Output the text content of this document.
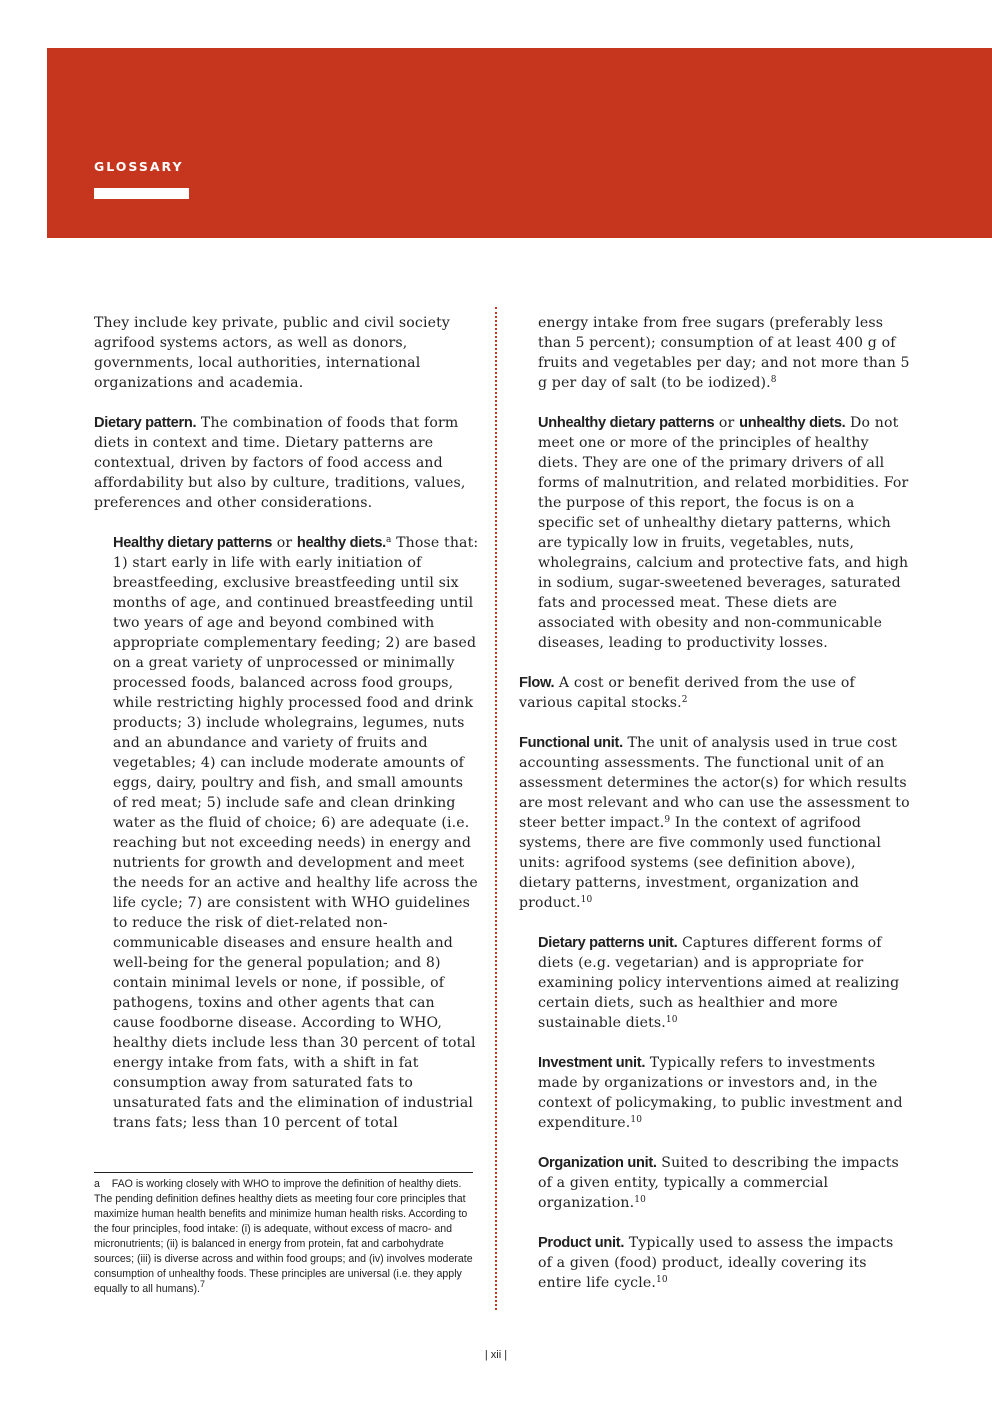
GLOSSARY

They include key private, public and civil society agrifood systems actors, as well as donors, governments, local authorities, international organizations and academia.

Dietary pattern. The combination of foods that form diets in context and time. Dietary patterns are contextual, driven by factors of food access and affordability but also by culture, traditions, values, preferences and other considerations.

Healthy dietary patterns or healthy diets.$^a$ Those that: 1) start early in life with early initiation of breastfeeding, exclusive breastfeeding until six months of age, and continued breastfeeding until two years of age and beyond combined with appropriate complementary feeding; 2) are based on a great variety of unprocessed or minimally processed foods, balanced across food groups, while restricting highly processed food and drink products; 3) include wholegrains, legumes, nuts and an abundance and variety of fruits and vegetables; 4) can include moderate amounts of eggs, dairy, poultry and fish, and small amounts of red meat; 5) include safe and clean drinking water as the fluid of choice; 6) are adequate (i.e. reaching but not exceeding needs) in energy and nutrients for growth and development and meet the needs for an active and healthy life across the life cycle; 7) are consistent with WHO guidelines to reduce the risk of diet-related non-communicable diseases and ensure health and well-being for the general population; and 8) contain minimal levels or none, if possible, of pathogens, toxins and other agents that can cause foodborne disease. According to WHO, healthy diets include less than 30 percent of total energy intake from fats, with a shift in fat consumption away from saturated fats to unsaturated fats and the elimination of industrial trans fats; less than 10 percent of total

a FAO is working closely with WHO to improve the definition of healthy diets. The pending definition defines healthy diets as meeting four core principles that maximize human health benefits and minimize human health risks. According to the four principles, food intake: (i) is adequate, without excess of macro- and micronutrients; (ii) is balanced in energy from protein, fat and carbohydrate sources; (iii) is diverse across and within food groups; and (iv) involves moderate consumption of unhealthy foods. These principles are universal (i.e. they apply equally to all humans).$^7$

energy intake from free sugars (preferably less than 5 percent); consumption of at least 400 g of fruits and vegetables per day; and not more than 5 g per day of salt (to be iodized).$^8$

Unhealthy dietary patterns or unhealthy diets. Do not meet one or more of the principles of healthy diets. They are one of the primary drivers of all forms of malnutrition, and related morbidities. For the purpose of this report, the focus is on a specific set of unhealthy dietary patterns, which are typically low in fruits, vegetables, nuts, wholegrains, calcium and protective fats, and high in sodium, sugar-sweetened beverages, saturated fats and processed meat. These diets are associated with obesity and non-communicable diseases, leading to productivity losses.

Flow. A cost or benefit derived from the use of various capital stocks.$^2$

Functional unit. The unit of analysis used in true cost accounting assessments. The functional unit of an assessment determines the actor(s) for which results are most relevant and who can use the assessment to steer better impact.$^9$ In the context of agrifood systems, there are five commonly used functional units: agrifood systems (see definition above), dietary patterns, investment, organization and product.$^{10}$

Dietary patterns unit. Captures different forms of diets (e.g. vegetarian) and is appropriate for examining policy interventions aimed at realizing certain diets, such as healthier and more sustainable diets.$^{10}$

Investment unit. Typically refers to investments made by organizations or investors and, in the context of policymaking, to public investment and expenditure.$^{10}$

Organization unit. Suited to describing the impacts of a given entity, typically a commercial organization.$^{10}$

Product unit. Typically used to assess the impacts of a given (food) product, ideally covering its entire life cycle.$^{10}$

| xii |
